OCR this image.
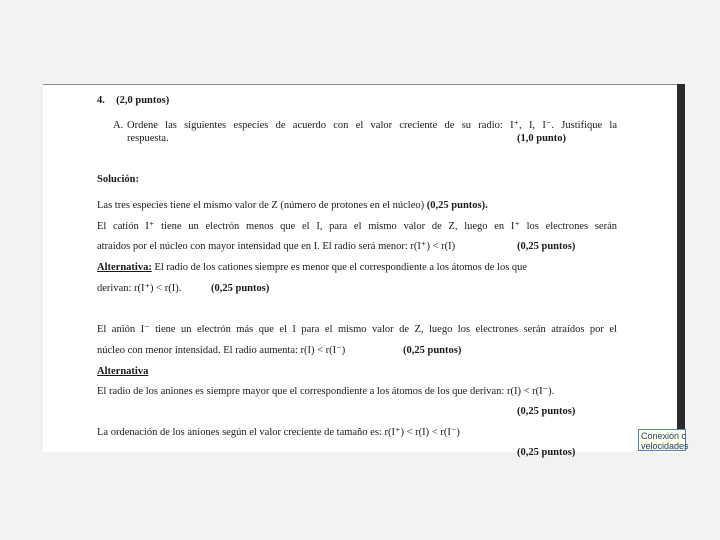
4. (2,0 puntos)
A. Ordene las siguientes especies de acuerdo con el valor creciente de su radio: I⁺, I, I⁻. Justifique la
respuesta.	(1,0 punto)
Solución:
Las tres especies tiene el mismo valor de Z (número de protones en el núcleo) (0,25 puntos).
El catión I⁺ tiene un electrón menos que el I, para el mismo valor de Z, luego en I⁺ los electrones serán
atraídos por el núcleo con mayor intensidad que en I. El radio será menor: r(I⁺) < r(I)	(0,25 puntos)
Alternativa: El radio de los cationes siempre es menor que el correspondiente a los átomos de los que
derivan: r(I⁺) < r(I).	(0,25 puntos)
El anión I⁻ tiene un electrón más que el I para el mismo valor de Z, luego los electrones serán atraídos por el
núcleo con menor intensidad. El radio aumenta: r(I) < r(I⁻)	(0,25 puntos)
Alternativa
El radio de los aniones es siempre mayor que el correspondiente a los átomos de los que derivan: r(I) < r(I⁻).
(0,25 puntos)
La ordenación de los aniones según el valor creciente de tamaño es: r(I⁺) < r(I) < r(I⁻)
(0,25 puntos)
Conexión c
velocidades
